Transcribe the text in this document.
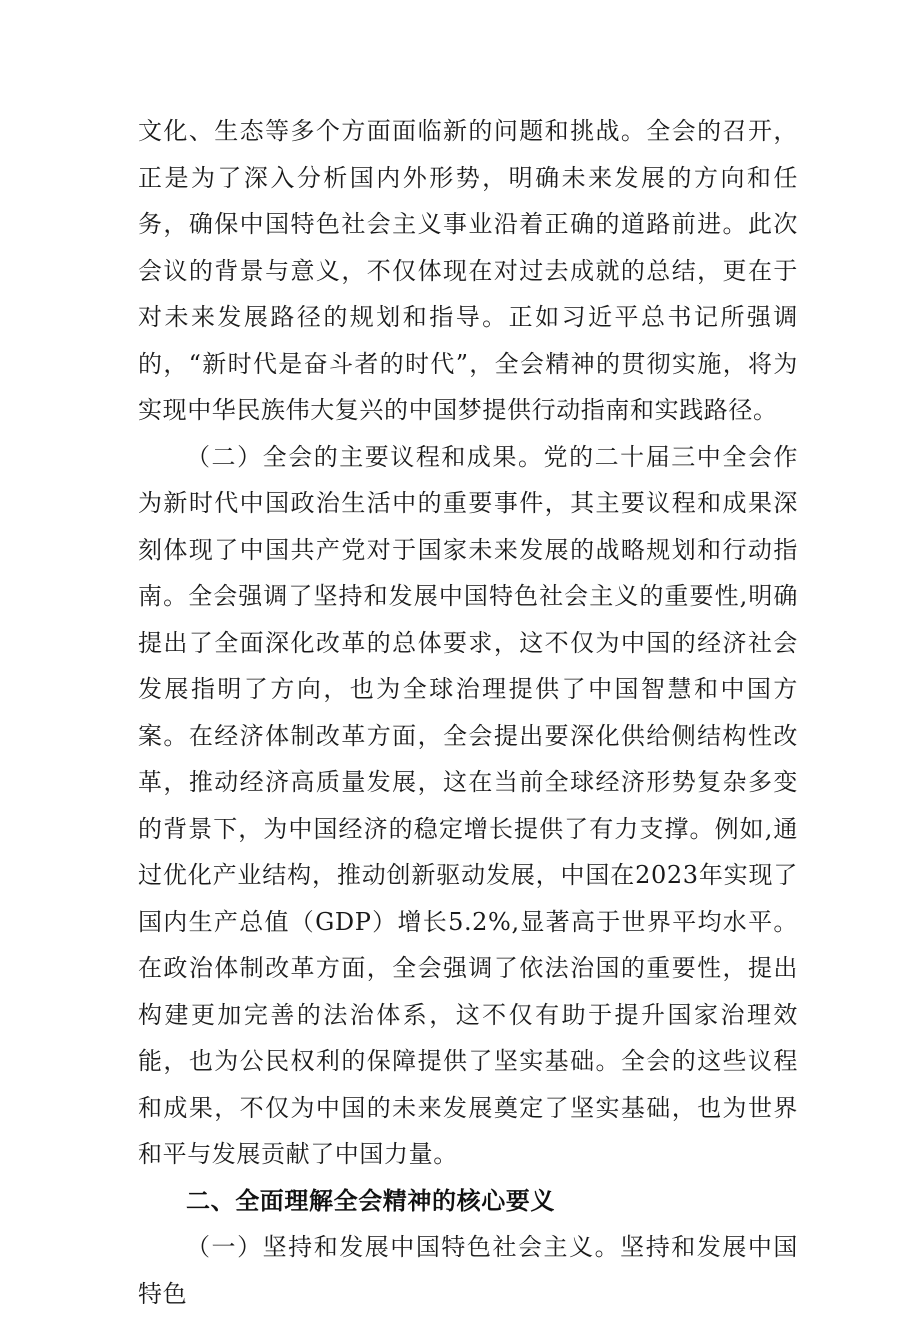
文化、生态等多个方面面临新的问题和挑战。全会的召开，正是为了深入分析国内外形势，明确未来发展的方向和任务，确保中国特色社会主义事业沿着正确的道路前进。此次会议的背景与意义，不仅体现在对过去成就的总结，更在于对未来发展路径的规划和指导。正如习近平总书记所强调的，“新时代是奋斗者的时代”，全会精神的贯彻实施，将为实现中华民族伟大复兴的中国梦提供行动指南和实践路径。

（二）全会的主要议程和成果。党的二十届三中全会作为新时代中国政治生活中的重要事件，其主要议程和成果深刻体现了中国共产党对于国家未来发展的战略规划和行动指南。全会强调了坚持和发展中国特色社会主义的重要性,明确提出了全面深化改革的总体要求，这不仅为中国的经济社会发展指明了方向，也为全球治理提供了中国智慧和中国方案。在经济体制改革方面，全会提出要深化供给侧结构性改革，推动经济高质量发展，这在当前全球经济形势复杂多变的背景下，为中国经济的稳定增长提供了有力支撑。例如,通过优化产业结构，推动创新驱动发展，中国在2023年实现了国内生产总值（GDP）增长5.2%,显著高于世界平均水平。在政治体制改革方面，全会强调了依法治国的重要性，提出构建更加完善的法治体系，这不仅有助于提升国家治理效能，也为公民权利的保障提供了坚实基础。全会的这些议程和成果，不仅为中国的未来发展奠定了坚实基础，也为世界和平与发展贡献了中国力量。

二、全面理解全会精神的核心要义

（一）坚持和发展中国特色社会主义。坚持和发展中国特色
